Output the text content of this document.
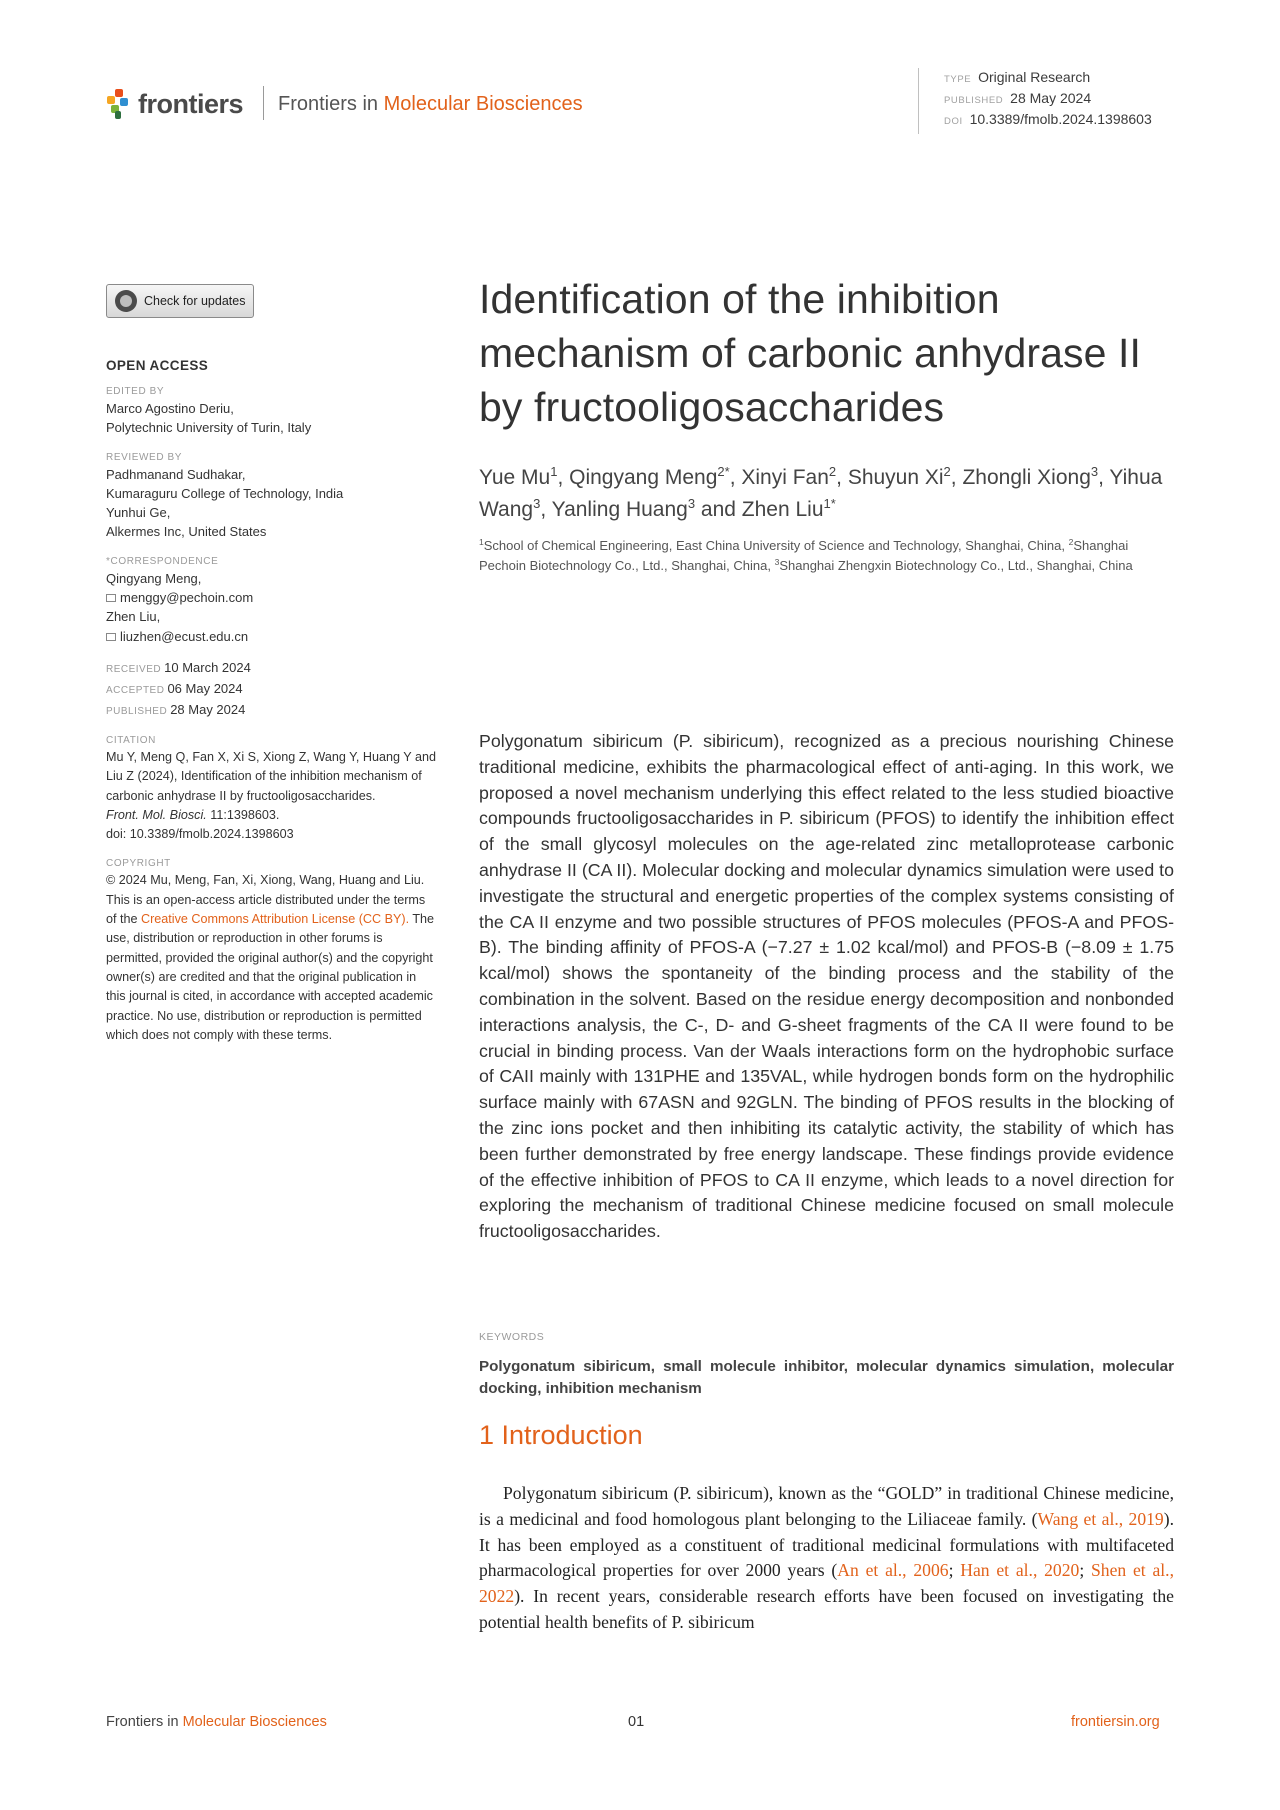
frontiers Frontiers in Molecular Biosciences
TYPE Original Research
PUBLISHED 28 May 2024
DOI 10.3389/fmolb.2024.1398603
Check for updates
OPEN ACCESS
EDITED BY
Marco Agostino Deriu,
Polytechnic University of Turin, Italy
REVIEWED BY
Padhmanand Sudhakar,
Kumaraguru College of Technology, India
Yunhui Ge,
Alkermes Inc, United States
*CORRESPONDENCE
Qingyang Meng,
menggy@pechoin.com
Zhen Liu,
liuzhen@ecust.edu.cn
RECEIVED 10 March 2024
ACCEPTED 06 May 2024
PUBLISHED 28 May 2024
CITATION
Mu Y, Meng Q, Fan X, Xi S, Xiong Z, Wang Y, Huang Y and Liu Z (2024), Identification of the inhibition mechanism of carbonic anhydrase II by fructooligosaccharides.
Front. Mol. Biosci. 11:1398603.
doi: 10.3389/fmolb.2024.1398603
COPYRIGHT
© 2024 Mu, Meng, Fan, Xi, Xiong, Wang, Huang and Liu. This is an open-access article distributed under the terms of the Creative Commons Attribution License (CC BY). The use, distribution or reproduction in other forums is permitted, provided the original author(s) and the copyright owner(s) are credited and that the original publication in this journal is cited, in accordance with accepted academic practice. No use, distribution or reproduction is permitted which does not comply with these terms.
Identification of the inhibition mechanism of carbonic anhydrase II by fructooligosaccharides
Yue Mu$^1$, Qingyang Meng$^{2*}$, Xinyi Fan$^2$, Shuyun Xi$^2$, Zhongli Xiong$^3$, Yihua Wang$^3$, Yanling Huang$^3$ and Zhen Liu$^{1*}$
$^1$School of Chemical Engineering, East China University of Science and Technology, Shanghai, China, $^2$Shanghai Pechoin Biotechnology Co., Ltd., Shanghai, China, $^3$Shanghai Zhengxin Biotechnology Co., Ltd., Shanghai, China
Polygonatum sibiricum (P. sibiricum), recognized as a precious nourishing Chinese traditional medicine, exhibits the pharmacological effect of anti-aging. In this work, we proposed a novel mechanism underlying this effect related to the less studied bioactive compounds fructooligosaccharides in P. sibiricum (PFOS) to identify the inhibition effect of the small glycosyl molecules on the age-related zinc metalloprotease carbonic anhydrase II (CA II). Molecular docking and molecular dynamics simulation were used to investigate the structural and energetic properties of the complex systems consisting of the CA II enzyme and two possible structures of PFOS molecules (PFOS-A and PFOS-B). The binding affinity of PFOS-A (−7.27 ± 1.02 kcal/mol) and PFOS-B (−8.09 ± 1.75 kcal/mol) shows the spontaneity of the binding process and the stability of the combination in the solvent. Based on the residue energy decomposition and nonbonded interactions analysis, the C-, D- and G-sheet fragments of the CA II were found to be crucial in binding process. Van der Waals interactions form on the hydrophobic surface of CAII mainly with 131PHE and 135VAL, while hydrogen bonds form on the hydrophilic surface mainly with 67ASN and 92GLN. The binding of PFOS results in the blocking of the zinc ions pocket and then inhibiting its catalytic activity, the stability of which has been further demonstrated by free energy landscape. These findings provide evidence of the effective inhibition of PFOS to CA II enzyme, which leads to a novel direction for exploring the mechanism of traditional Chinese medicine focused on small molecule fructooligosaccharides.
KEYWORDS
Polygonatum sibiricum, small molecule inhibitor, molecular dynamics simulation, molecular docking, inhibition mechanism
1 Introduction
Polygonatum sibiricum (P. sibiricum), known as the “GOLD” in traditional Chinese medicine, is a medicinal and food homologous plant belonging to the Liliaceae family. (Wang et al., 2019). It has been employed as a constituent of traditional medicinal formulations with multifaceted pharmacological properties for over 2000 years (An et al., 2006; Han et al., 2020; Shen et al., 2022). In recent years, considerable research efforts have been focused on investigating the potential health benefits of P. sibiricum
Frontiers in Molecular Biosciences	01	frontiersin.org
